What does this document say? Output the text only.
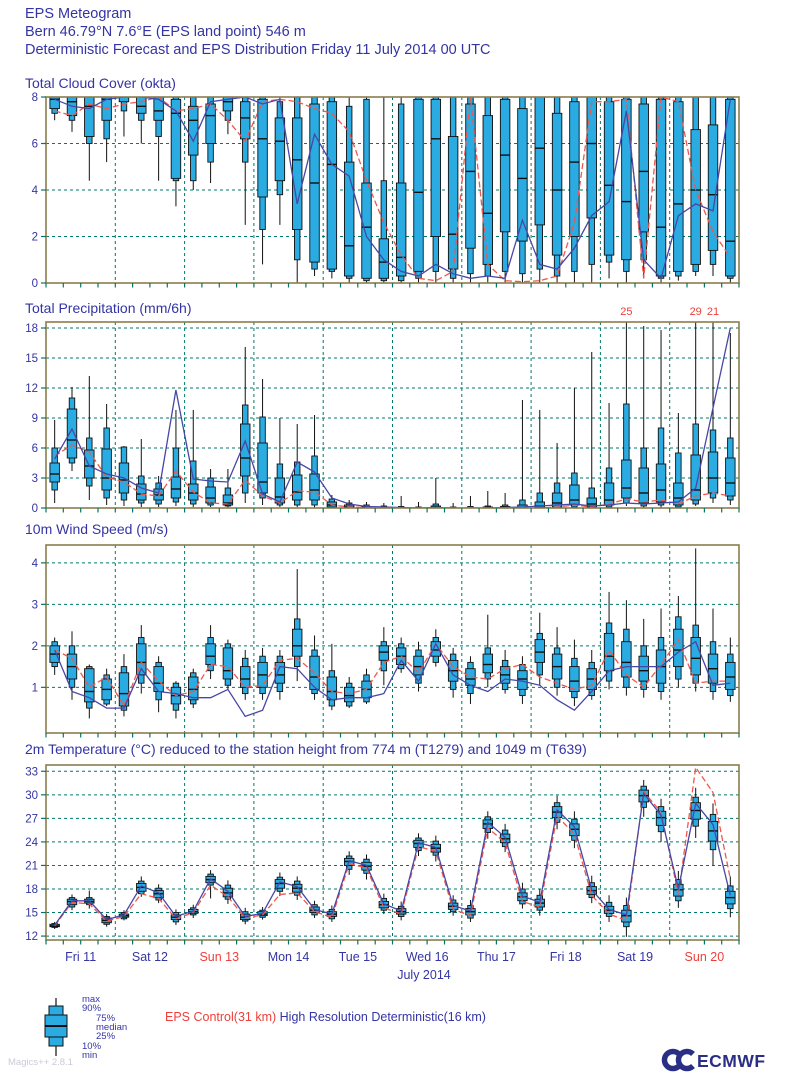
EPS Meteogram
Bern 46.79°N 7.6°E (EPS land point) 546 m
Deterministic Forecast and EPS Distribution Friday 11 July 2014 00 UTC
Total Cloud Cover (okta)
0
2
4
6
8
Total Precipitation (mm/6h)
0
3
6
9
12
15
18
25	29 21
10m Wind Speed (m/s)
1
2
3
4
2m Temperature (°C) reduced to the station height from 774 m (T1279) and 1049 m (T639)
12
15
18
21
24
27
30
33
Fri 11	Sat 12	Sun 13	Mon 14	Tue 15	Wed 16	Thu 17	Fri 18	Sat 19	Sun 20
July 2014
max
90%
75%
median
25%
10%
min
EPS Control(31 km) High Resolution Deterministic(16 km)
Magics++ 2.8.1	ECMWF
